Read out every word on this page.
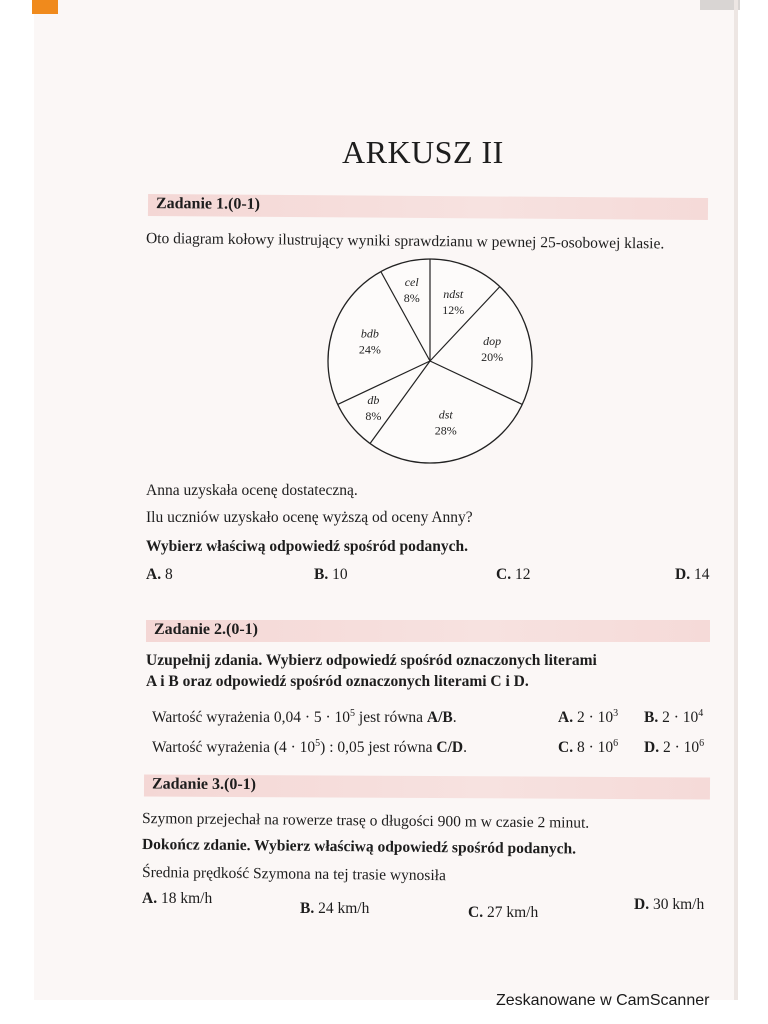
ARKUSZ II
Zadanie 1.(0-1)
Oto diagram kołowy ilustrujący wyniki sprawdzianu w pewnej 25-osobowej klasie.
ndst
12%
dop
20%
dst
28%
db
8%
bdb
24%
cel
8%
Anna uzyskała ocenę dostateczną.
Ilu uczniów uzyskało ocenę wyższą od oceny Anny?
Wybierz właściwą odpowiedź spośród podanych.
A. 8	B. 10	C. 12	D. 14
Zadanie 2.(0-1)
Uzupełnij zdania. Wybierz odpowiedź spośród oznaczonych literami
A i B oraz odpowiedź spośród oznaczonych literami C i D.
Wartość wyrażenia $0,04 \cdot 5 \cdot 10^5$ jest równa A/B.	A. $2 \cdot 10^3$ B. $2 \cdot 10^4$
Wartość wyrażenia $(4 \cdot 10^5)$ : 0,05 jest równa C/D.	C. $8 \cdot 10^6$ D. $2 \cdot 10^6$
Zadanie 3.(0-1)
Szymon przejechał na rowerze trasę o długości 900 m w czasie 2 minut.
Dokończ zdanie. Wybierz właściwą odpowiedź spośród podanych.
Średnia prędkość Szymona na tej trasie wynosiła
A. 18 km/h
B. 24 km/h	C. 27 km/h	D. 30 km/h
Zeskanowane w CamScanner
